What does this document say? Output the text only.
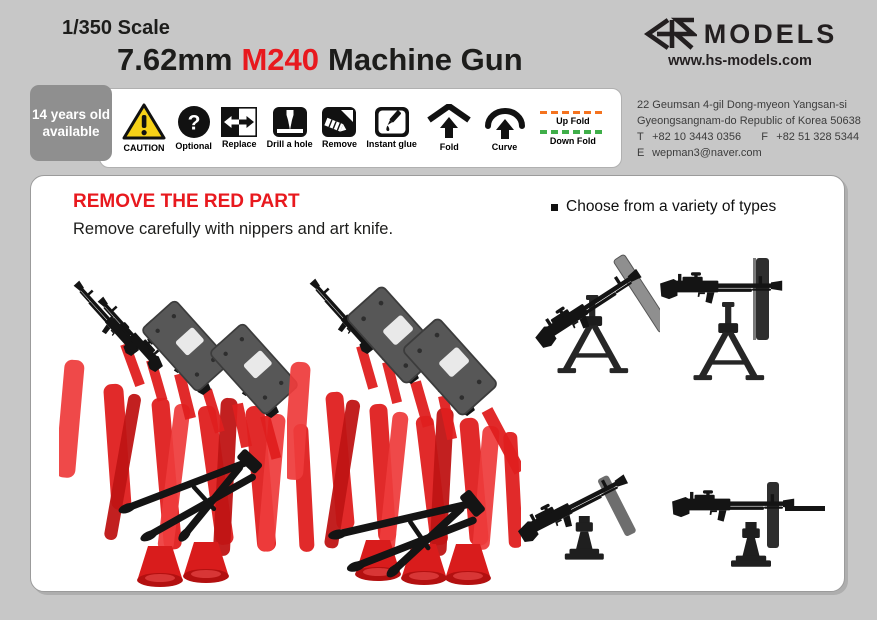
1/350 Scale
7.62mm M240 Machine Gun
MODELS
www.hs-models.com
22 Geumsan 4-gil Dong-myeon Yangsan-si
Gyeongsangnam-do Republic of Korea 50638
T +82 10 3443 0356 F +82 51 328 5344
E wepman3@naver.com
14 years old
available
CAUTION
?
Optional Replace Drill a hole Remove Instant glue	Fold	Curve
Up Fold
Down Fold
REMOVE THE RED PART
Remove carefully with nippers and art knife.
Choose from a variety of types
